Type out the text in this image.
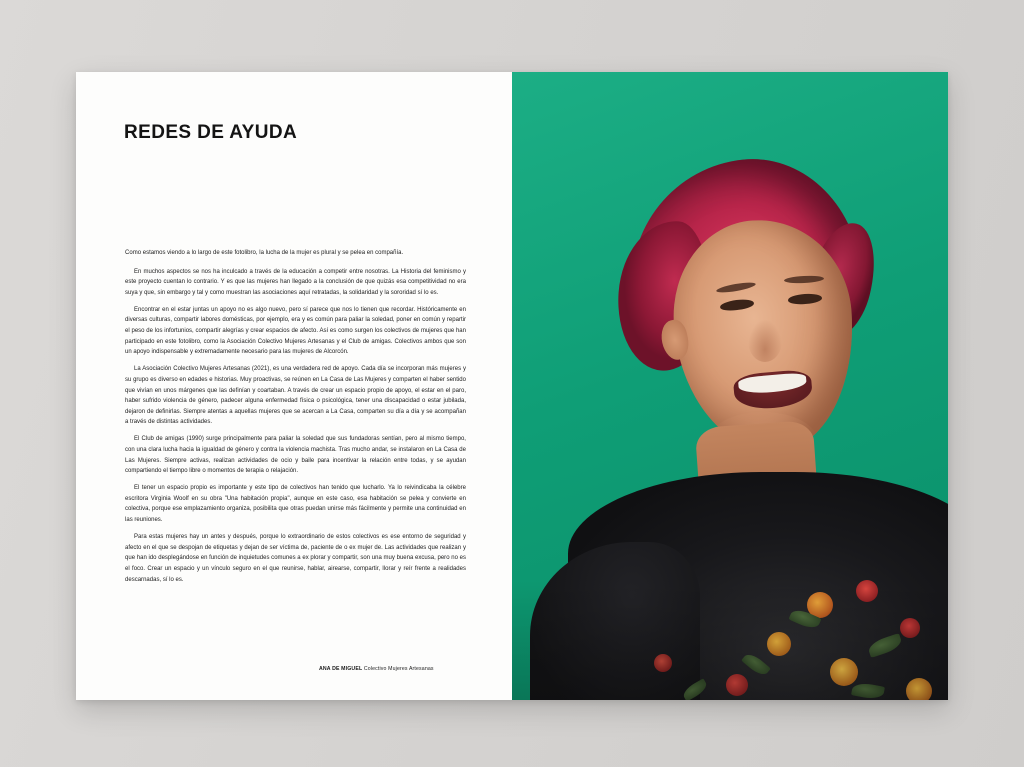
REDES DE AYUDA

Como estamos viendo a lo largo de este fotolibro, la lucha de la mujer es plural y se pelea en compañía.

En muchos aspectos se nos ha inculcado a través de la educación a competir entre nosotras. La Historia del feminismo y este proyecto cuentan lo contrario. Y es que las mujeres han llegado a la conclusión de que quizás esa competitividad no era suya y que, sin embargo y tal y como muestran las asociaciones aquí retratadas, la solidaridad y la sororidad sí lo es.

Encontrar en el estar juntas un apoyo no es algo nuevo, pero sí parece que nos lo tienen que recordar. Históricamente en diversas culturas, compartir labores domésticas, por ejemplo, era y es común para paliar la soledad, poner en común y repartir el peso de los infortunios, compartir alegrías y crear espacios de afecto. Así es como surgen los colectivos de mujeres que han participado en este fotolibro, como la Asociación Colectivo Mujeres Artesanas y el Club de amigas. Colectivos ambos que son un apoyo indispensable y extremadamente necesario para las mujeres de Alcorcón.

La Asociación Colectivo Mujeres Artesanas (2021), es una verdadera red de apoyo. Cada día se incorporan más mujeres y su grupo es diverso en edades e historias. Muy proactivas, se reúnen en La Casa de Las Mujeres y comparten el haber sentido que vivían en unos márgenes que las definían y coartaban. A través de crear un espacio propio de apoyo, el estar en el paro, haber sufrido violencia de género, padecer alguna enfermedad física o psicológica, tener una discapacidad o estar jubilada, dejaron de definirlas. Siempre atentas a aquellas mujeres que se acercan a La Casa, comparten su día a día y se acompañan a través de distintas actividades.

El Club de amigas (1990) surge principalmente para paliar la soledad que sus fundadoras sentían, pero al mismo tiempo, con una clara lucha hacia la igualdad de género y contra la violencia machista. Tras mucho andar, se instalaron en La Casa de Las Mujeres. Siempre activas, realizan actividades de ocio y baile para incentivar la relación entre todas, y se ayudan compartiendo el tiempo libre o momentos de terapia o relajación.

El tener un espacio propio es importante y este tipo de colectivos han tenido que lucharlo. Ya lo reivindicaba la célebre escritora Virginia Woolf en su obra "Una habitación propia", aunque en este caso, esa habitación se pelea y convierte en colectiva, porque ese emplazamiento organiza, posibilita que otras puedan unirse más fácilmente y permite una continuidad en las reuniones.

Para estas mujeres hay un antes y después, porque lo extraordinario de estos colectivos es ese entorno de seguridad y afecto en el que se despojan de etiquetas y dejan de ser víctima de, paciente de o ex mujer de. Las actividades que realizan y que han ido desplegándose en función de inquietudes comunes a ex plorar y compartir, son una muy buena excusa, pero no es el foco. Crear un espacio y un vínculo seguro en el que reunirse, hablar, airearse, compartir, llorar y reír frente a realidades descarnadas, sí lo es.

ANA DE MIGUEL Colectivo Mujeres Artesanas
